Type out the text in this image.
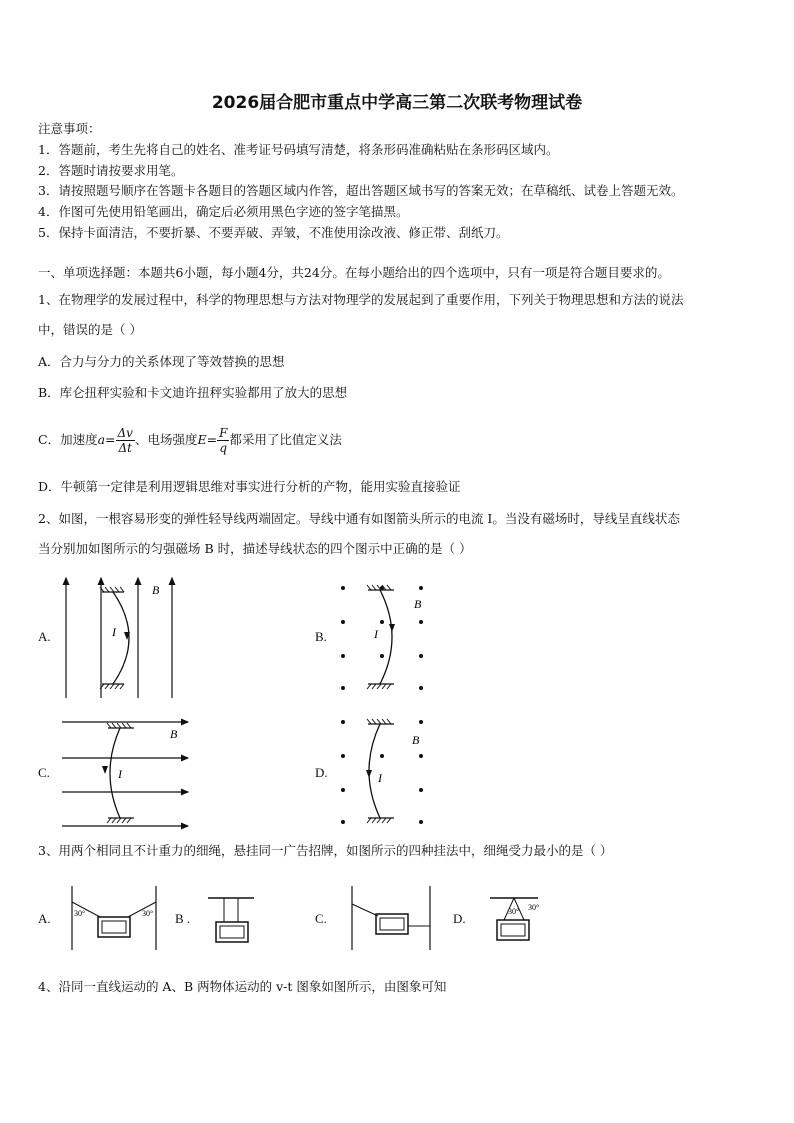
2026届合肥市重点中学高三第二次联考物理试卷
注意事项：
1．答题前，考生先将自己的姓名、准考证号码填写清楚，将条形码准确粘贴在条形码区域内。
2．答题时请按要求用笔。
3．请按照题号顺序在答题卡各题目的答题区域内作答，超出答题区域书写的答案无效；在草稿纸、试卷上答题无效。
4．作图可先使用铅笔画出，确定后必须用黑色字迹的签字笔描黑。
5．保持卡面清洁，不要折暴、不要弄破、弄皱，不准使用涂改液、修正带、刮纸刀。
一、单项选择题：本题共6小题，每小题4分，共24分。在每小题给出的四个选项中，只有一项是符合题目要求的。
1、在物理学的发展过程中，科学的物理思想与方法对物理学的发展起到了重要作用，下列关于物理思想和方法的说法
中，错误的是（ ）
A．合力与分力的关系体现了等效替换的思想
B．库仑扭秤实验和卡文迪许扭秤实验都用了放大的思想
C．加速度$a= \frac{\Delta v}{\Delta t}$ 、电场强度$E= \frac{F}{q}$ 都采用了比值定义法
D．牛顿第一定律是利用逻辑思维对事实进行分析的产物，能用实验直接验证
2、如图，一根容易形变的弹性轻导线两端固定。导线中通有如图箭头所示的电流 I。当没有磁场时，导线呈直线状态
当分别加如图所示的匀强磁场 B 时，描述导线状态的四个图示中正确的是（ ）
A.
B
I	B.
B
I
C.
B
I	D.
B
I
3、用两个相同且不计重力的细绳，悬挂同一广告招牌，如图所示的四种挂法中，细绳受力最小的是（ ）
A.	30°	30° B .	C.	D.	30° 30°
4、沿同一直线运动的 A、B 两物体运动的 v-t 图象如图所示，由图象可知
